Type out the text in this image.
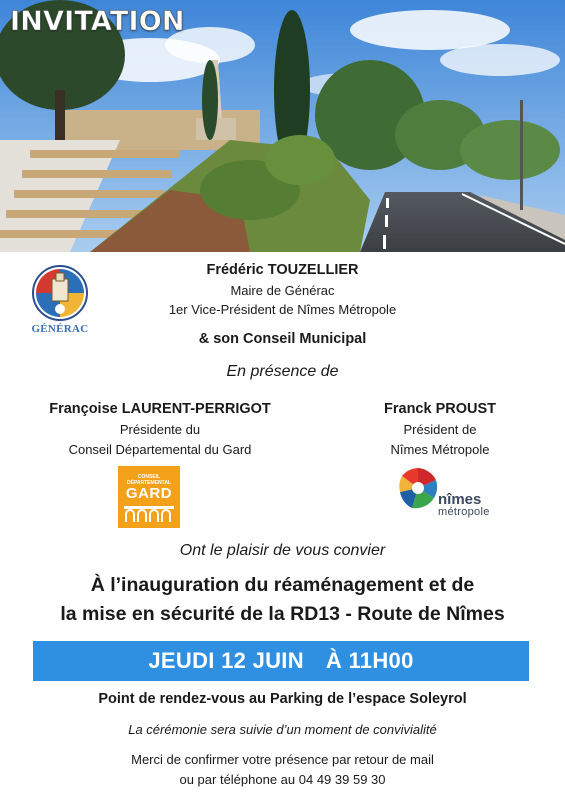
INVITATION
GÉNÉRAC
Frédéric TOUZELLIER
Maire de Générac
1er Vice-Président de Nîmes Métropole
& son Conseil Municipal
En présence de
Françoise LAURENT-PERRIGOT
Présidente du
Conseil Départemental du Gard
Franck PROUST
Président de
Nîmes Métropole
CONSEIL DÉPARTEMENTAL
GARD	nîmes
métropole
Ont le plaisir de vous convier
À l’inauguration du réaménagement et de
la mise en sécurité de la RD13 - Route de Nîmes
JEUDI 12 JUIN À 11H00
Point de rendez-vous au Parking de l’espace Soleyrol
La cérémonie sera suivie d’un moment de convivialité
Merci de confirmer votre présence par retour de mail
ou par téléphone au 04 49 39 59 30
